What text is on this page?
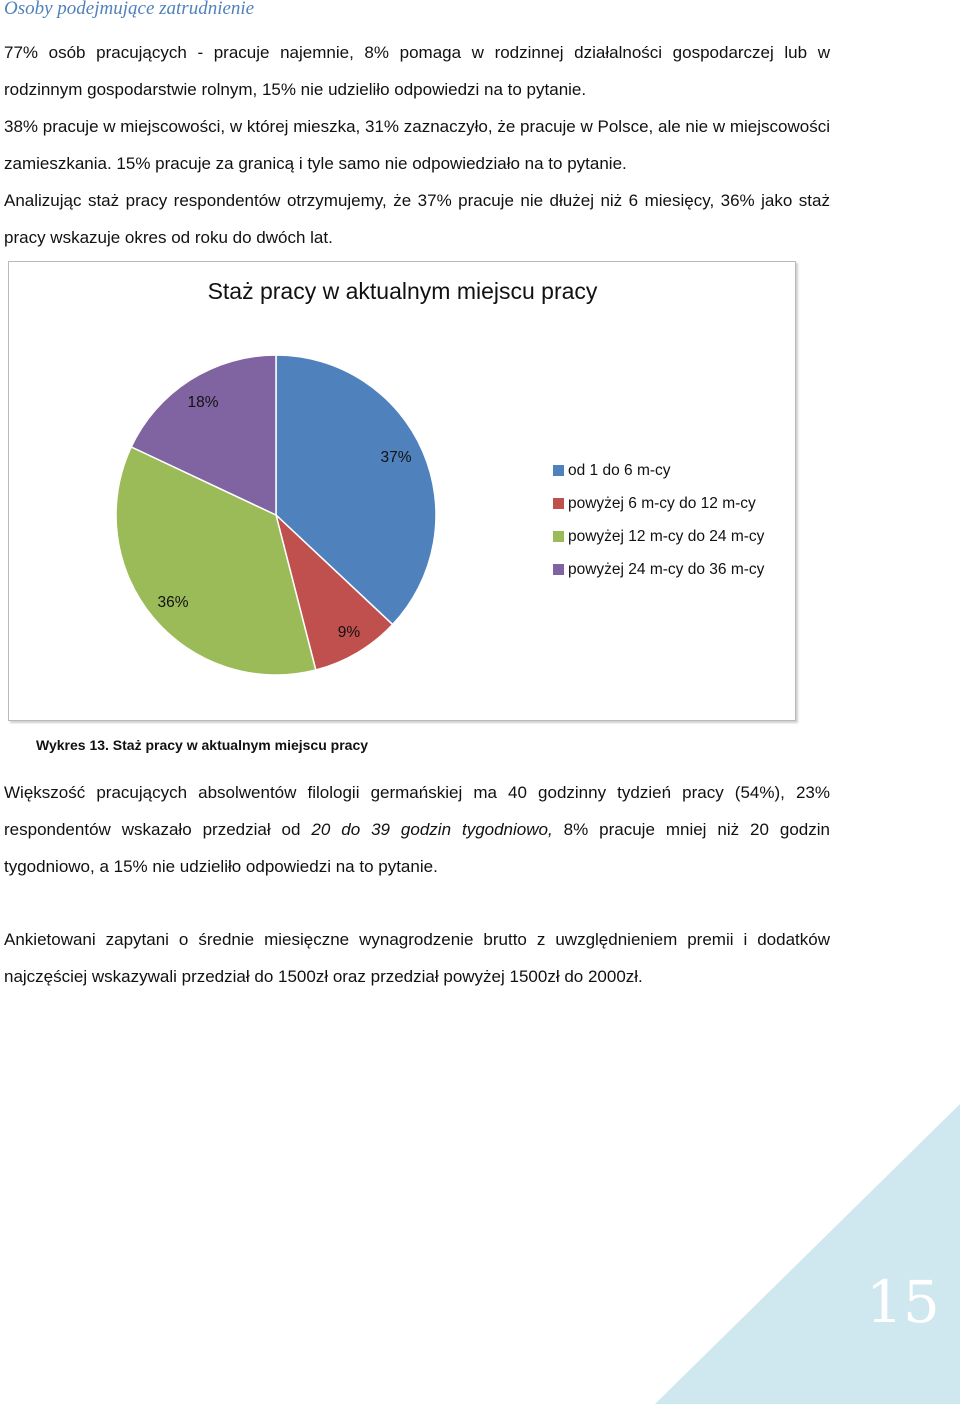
Osoby podejmujące zatrudnienie

77% osób pracujących - pracuje najemnie, 8% pomaga w rodzinnej działalności gospodarczej lub w rodzinnym gospodarstwie rolnym, 15% nie udzieliło odpowiedzi na to pytanie.

38% pracuje w miejscowości, w której mieszka, 31% zaznaczyło, że pracuje w Polsce, ale nie w miejscowości zamieszkania. 15% pracuje za granicą i tyle samo nie odpowiedziało na to pytanie.

Analizując staż pracy respondentów otrzymujemy, że 37% pracuje nie dłużej niż 6 miesięcy, 36% jako staż pracy wskazuje okres od roku do dwóch lat.

Staż pracy w aktualnym miejscu pracy
37%
9%
36%
18%
od 1 do 6 m-cy
powyżej 6 m-cy do 12 m-cy
powyżej 12 m-cy do 24 m-cy
powyżej 24 m-cy do 36 m-cy
Wykres 13. Staż pracy w aktualnym miejscu pracy

Większość pracujących absolwentów filologii germańskiej ma 40 godzinny tydzień pracy (54%), 23% respondentów wskazało przedział od 20 do 39 godzin tygodniowo, 8% pracuje mniej niż 20 godzin tygodniowo, a 15% nie udzieliło odpowiedzi na to pytanie.

Ankietowani zapytani o średnie miesięczne wynagrodzenie brutto z uwzględnieniem premii i dodatków najczęściej wskazywali przedział do 1500zł oraz przedział powyżej 1500zł do 2000zł.

15
